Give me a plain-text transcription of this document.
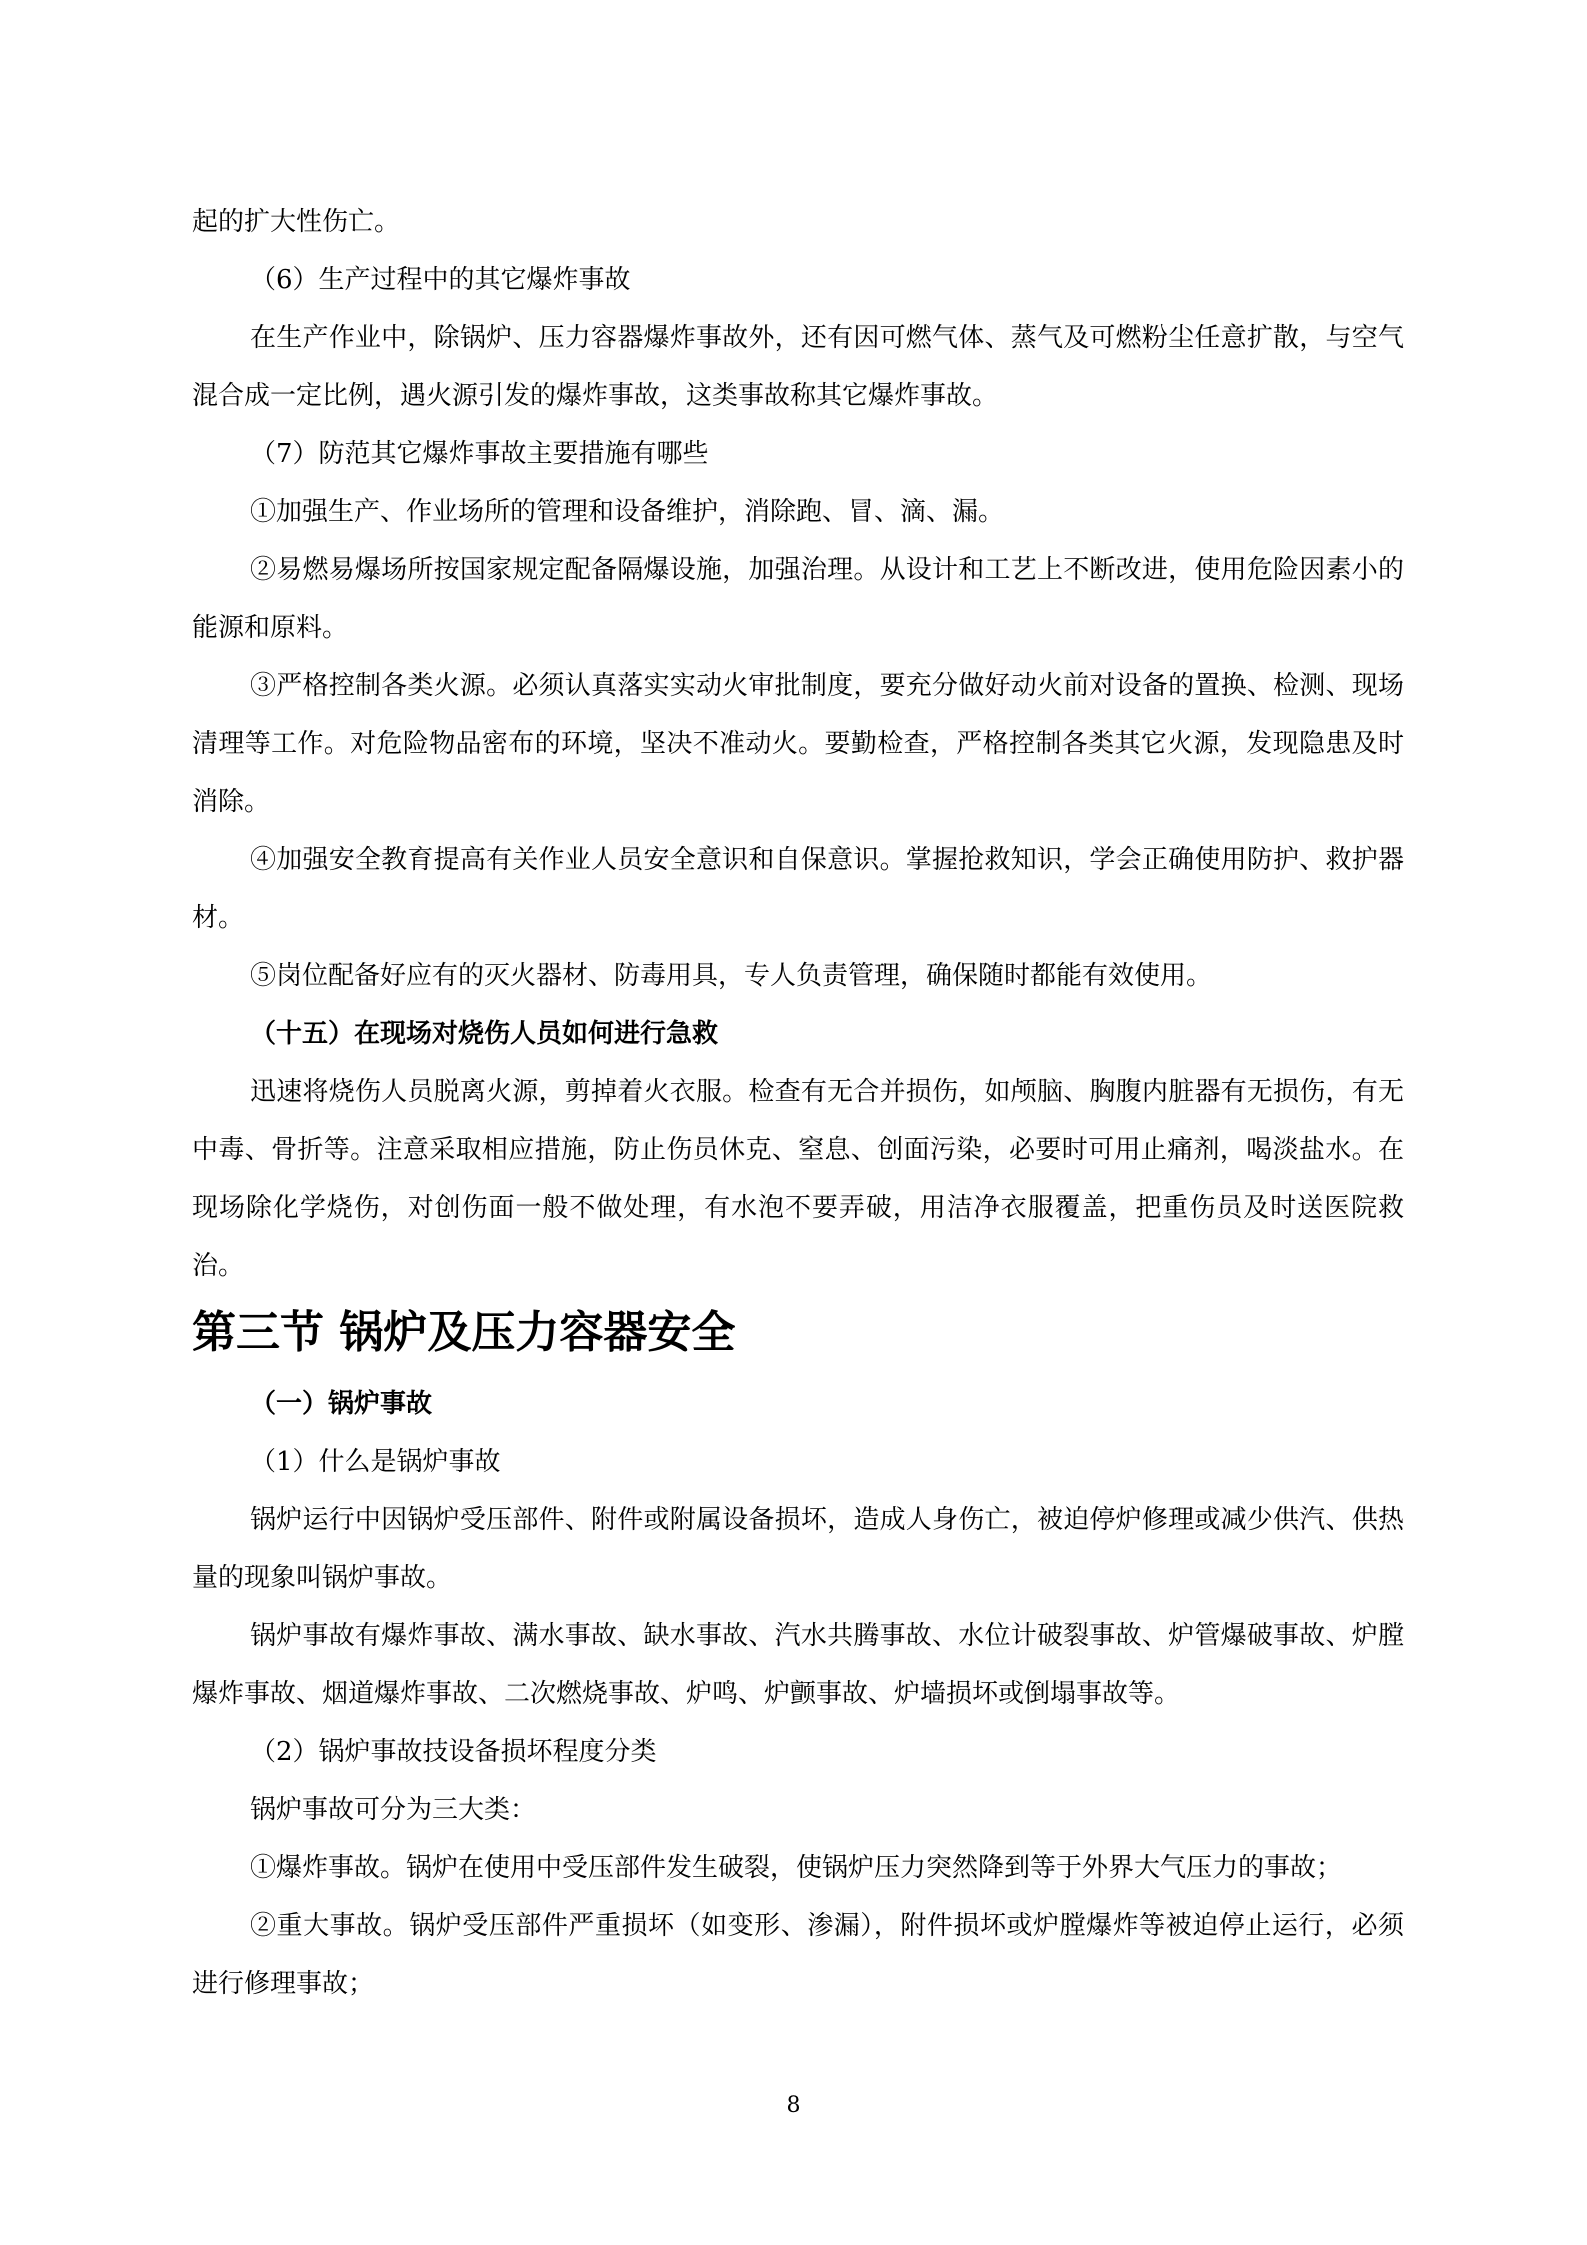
起的扩大性伤亡。

（6）生产过程中的其它爆炸事故

在生产作业中，除锅炉、压力容器爆炸事故外，还有因可燃气体、蒸气及可燃粉尘任意扩散，与空气混合成一定比例，遇火源引发的爆炸事故，这类事故称其它爆炸事故。

（7）防范其它爆炸事故主要措施有哪些

①加强生产、作业场所的管理和设备维护，消除跑、冒、滴、漏。

②易燃易爆场所按国家规定配备隔爆设施，加强治理。从设计和工艺上不断改进，使用危险因素小的能源和原料。

③严格控制各类火源。必须认真落实实动火审批制度，要充分做好动火前对设备的置换、检测、现场清理等工作。对危险物品密布的环境，坚决不准动火。要勤检查，严格控制各类其它火源，发现隐患及时消除。

④加强安全教育提高有关作业人员安全意识和自保意识。掌握抢救知识，学会正确使用防护、救护器材。

⑤岗位配备好应有的灭火器材、防毒用具，专人负责管理，确保随时都能有效使用。

（十五）在现场对烧伤人员如何进行急救

迅速将烧伤人员脱离火源，剪掉着火衣服。检查有无合并损伤，如颅脑、胸腹内脏器有无损伤，有无中毒、骨折等。注意采取相应措施，防止伤员休克、窒息、创面污染，必要时可用止痛剂，喝淡盐水。在现场除化学烧伤，对创伤面一般不做处理，有水泡不要弄破，用洁净衣服覆盖，把重伤员及时送医院救治。

第三节 锅炉及压力容器安全

（一）锅炉事故

（1）什么是锅炉事故

锅炉运行中因锅炉受压部件、附件或附属设备损坏，造成人身伤亡，被迫停炉修理或减少供汽、供热量的现象叫锅炉事故。

锅炉事故有爆炸事故、满水事故、缺水事故、汽水共腾事故、水位计破裂事故、炉管爆破事故、炉膛爆炸事故、烟道爆炸事故、二次燃烧事故、炉鸣、炉颤事故、炉墙损坏或倒塌事故等。

（2）锅炉事故技设备损坏程度分类

锅炉事故可分为三大类：

①爆炸事故。锅炉在使用中受压部件发生破裂，使锅炉压力突然降到等于外界大气压力的事故；

②重大事故。锅炉受压部件严重损坏（如变形、渗漏），附件损坏或炉膛爆炸等被迫停止运行，必须进行修理事故；

8
